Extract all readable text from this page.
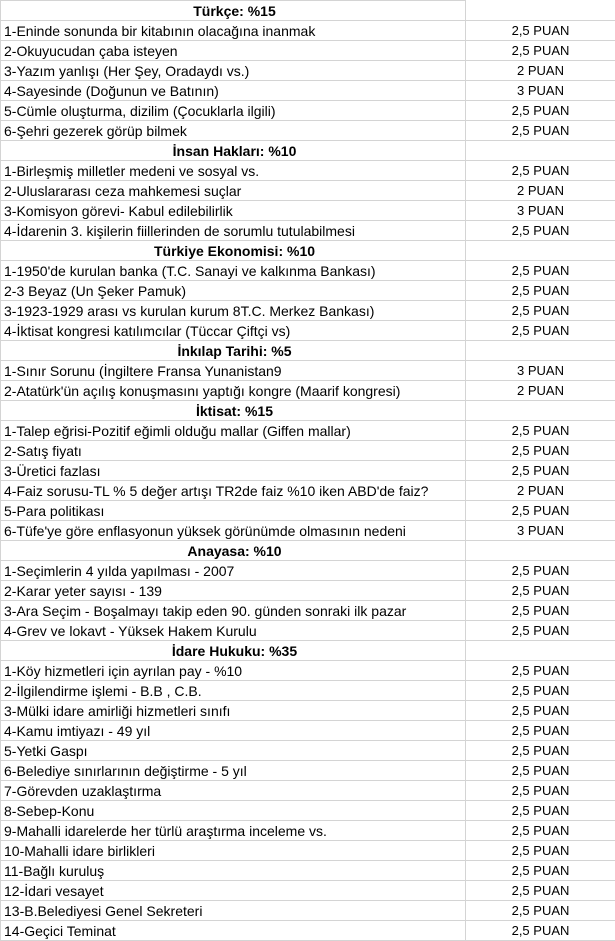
Türkçe: %15	
1-Eninde sonunda bir kitabının olacağına inanmak	2,5 PUAN
2-Okuyucudan çaba isteyen	2,5 PUAN
3-Yazım yanlışı (Her Şey, Oradaydı vs.)	2 PUAN
4-Sayesinde (Doğunun ve Batının)	3 PUAN
5-Cümle oluşturma, dizilim (Çocuklarla ilgili)	2,5 PUAN
6-Şehri gezerek görüp bilmek	2,5 PUAN
İnsan Hakları: %10	
1-Birleşmiş milletler medeni ve sosyal vs.	2,5 PUAN
2-Uluslararası ceza mahkemesi suçlar	2 PUAN
3-Komisyon görevi- Kabul edilebilirlik	3 PUAN
4-İdarenin 3. kişilerin fiillerinden de sorumlu tutulabilmesi	2,5 PUAN
Türkiye Ekonomisi: %10	
1-1950'de kurulan banka (T.C. Sanayi ve kalkınma Bankası)	2,5 PUAN
2-3 Beyaz (Un Şeker Pamuk)	2,5 PUAN
3-1923-1929 arası vs kurulan kurum 8T.C. Merkez Bankası)	2,5 PUAN
4-İktisat kongresi katılımcılar (Tüccar Çiftçi vs)	2,5 PUAN
İnkılap Tarihi: %5	
1-Sınır Sorunu (İngiltere Fransa Yunanistan9	3 PUAN
2-Atatürk'ün açılış konuşmasını yaptığı kongre (Maarif kongresi)	2 PUAN
İktisat: %15	
1-Talep eğrisi-Pozitif eğimli olduğu mallar (Giffen mallar)	2,5 PUAN
2-Satış fiyatı	2,5 PUAN
3-Üretici fazlası	2,5 PUAN
4-Faiz sorusu-TL % 5 değer artışı TR2de faiz %10 iken ABD'de faiz?	2 PUAN
5-Para politikası	2,5 PUAN
6-Tüfe'ye göre enflasyonun yüksek görünümde olmasının nedeni	3 PUAN
Anayasa: %10	
1-Seçimlerin 4 yılda yapılması - 2007	2,5 PUAN
2-Karar yeter sayısı - 139	2,5 PUAN
3-Ara Seçim - Boşalmayı takip eden 90. günden sonraki ilk pazar	2,5 PUAN
4-Grev ve lokavt - Yüksek Hakem Kurulu	2,5 PUAN
İdare Hukuku: %35	
1-Köy hizmetleri için ayrılan pay - %10	2,5 PUAN
2-İlgilendirme işlemi - B.B , C.B.	2,5 PUAN
3-Mülki idare amirliği hizmetleri sınıfı	2,5 PUAN
4-Kamu imtiyazı - 49 yıl	2,5 PUAN
5-Yetki Gaspı	2,5 PUAN
6-Belediye sınırlarının değiştirme - 5 yıl	2,5 PUAN
7-Görevden uzaklaştırma	2,5 PUAN
8-Sebep-Konu	2,5 PUAN
9-Mahalli idarelerde her türlü araştırma inceleme vs.	2,5 PUAN
10-Mahalli idare birlikleri	2,5 PUAN
11-Bağlı kuruluş	2,5 PUAN
12-İdari vesayet	2,5 PUAN
13-B.Belediyesi Genel Sekreteri	2,5 PUAN
14-Geçici Teminat	2,5 PUAN
